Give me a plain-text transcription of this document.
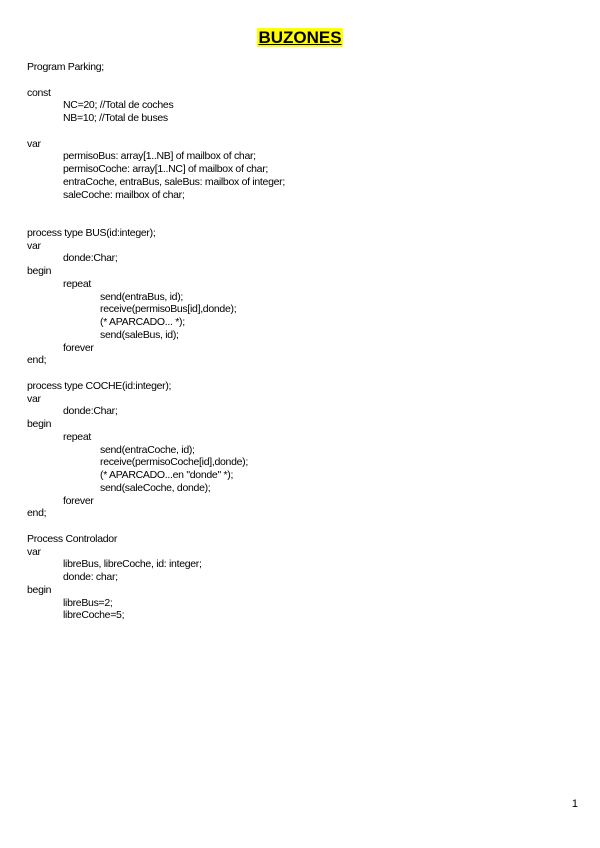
BUZONES
Program Parking;
const
NC=20; //Total de coches
NB=10; //Total de buses
var
permisoBus: array[1..NB] of mailbox of char;
permisoCoche: array[1..NC] of mailbox of char;
entraCoche, entraBus, saleBus: mailbox of integer;
saleCoche: mailbox of char;
process type BUS(id:integer);
var
donde:Char;
begin
repeat
send(entraBus, id);
receive(permisoBus[id],donde);
(* APARCADO... *);
send(saleBus, id);
forever
end;
process type COCHE(id:integer);
var
donde:Char;
begin
repeat
send(entraCoche, id);
receive(permisoCoche[id],donde);
(* APARCADO...en "donde" *);
send(saleCoche, donde);
forever
end;
Process Controlador
var
libreBus, libreCoche, id: integer;
donde: char;
begin
libreBus=2;
libreCoche=5;
1
